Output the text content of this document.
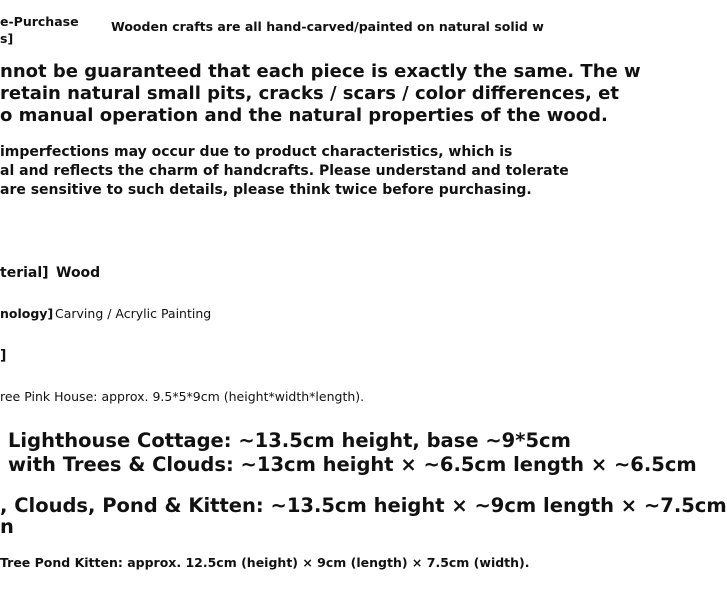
e-Purchase
s]
Wooden crafts are all hand-carved/painted on natural solid w
nnot be guaranteed that each piece is exactly the same. The w
retain natural small pits, cracks / scars / color differences, et
o manual operation and the natural properties of the wood.
imperfections may occur due to product characteristics, which is
al and reflects the charm of handcrafts. Please understand and tolerate
are sensitive to such details, please think twice before purchasing.
terial] Wood
nology] Carving / Acrylic Painting
]
ree Pink House: approx. 9.5*5*9cm (height*width*length).
Lighthouse Cottage: ~13.5cm height, base ~9*5cm
with Trees & Clouds: ~13cm height × ~6.5cm length × ~6.5cm
, Clouds, Pond & Kitten: ~13.5cm height × ~9cm length × ~7.5cm
n
Tree Pond Kitten: approx. 12.5cm (height) × 9cm (length) × 7.5cm (width).
